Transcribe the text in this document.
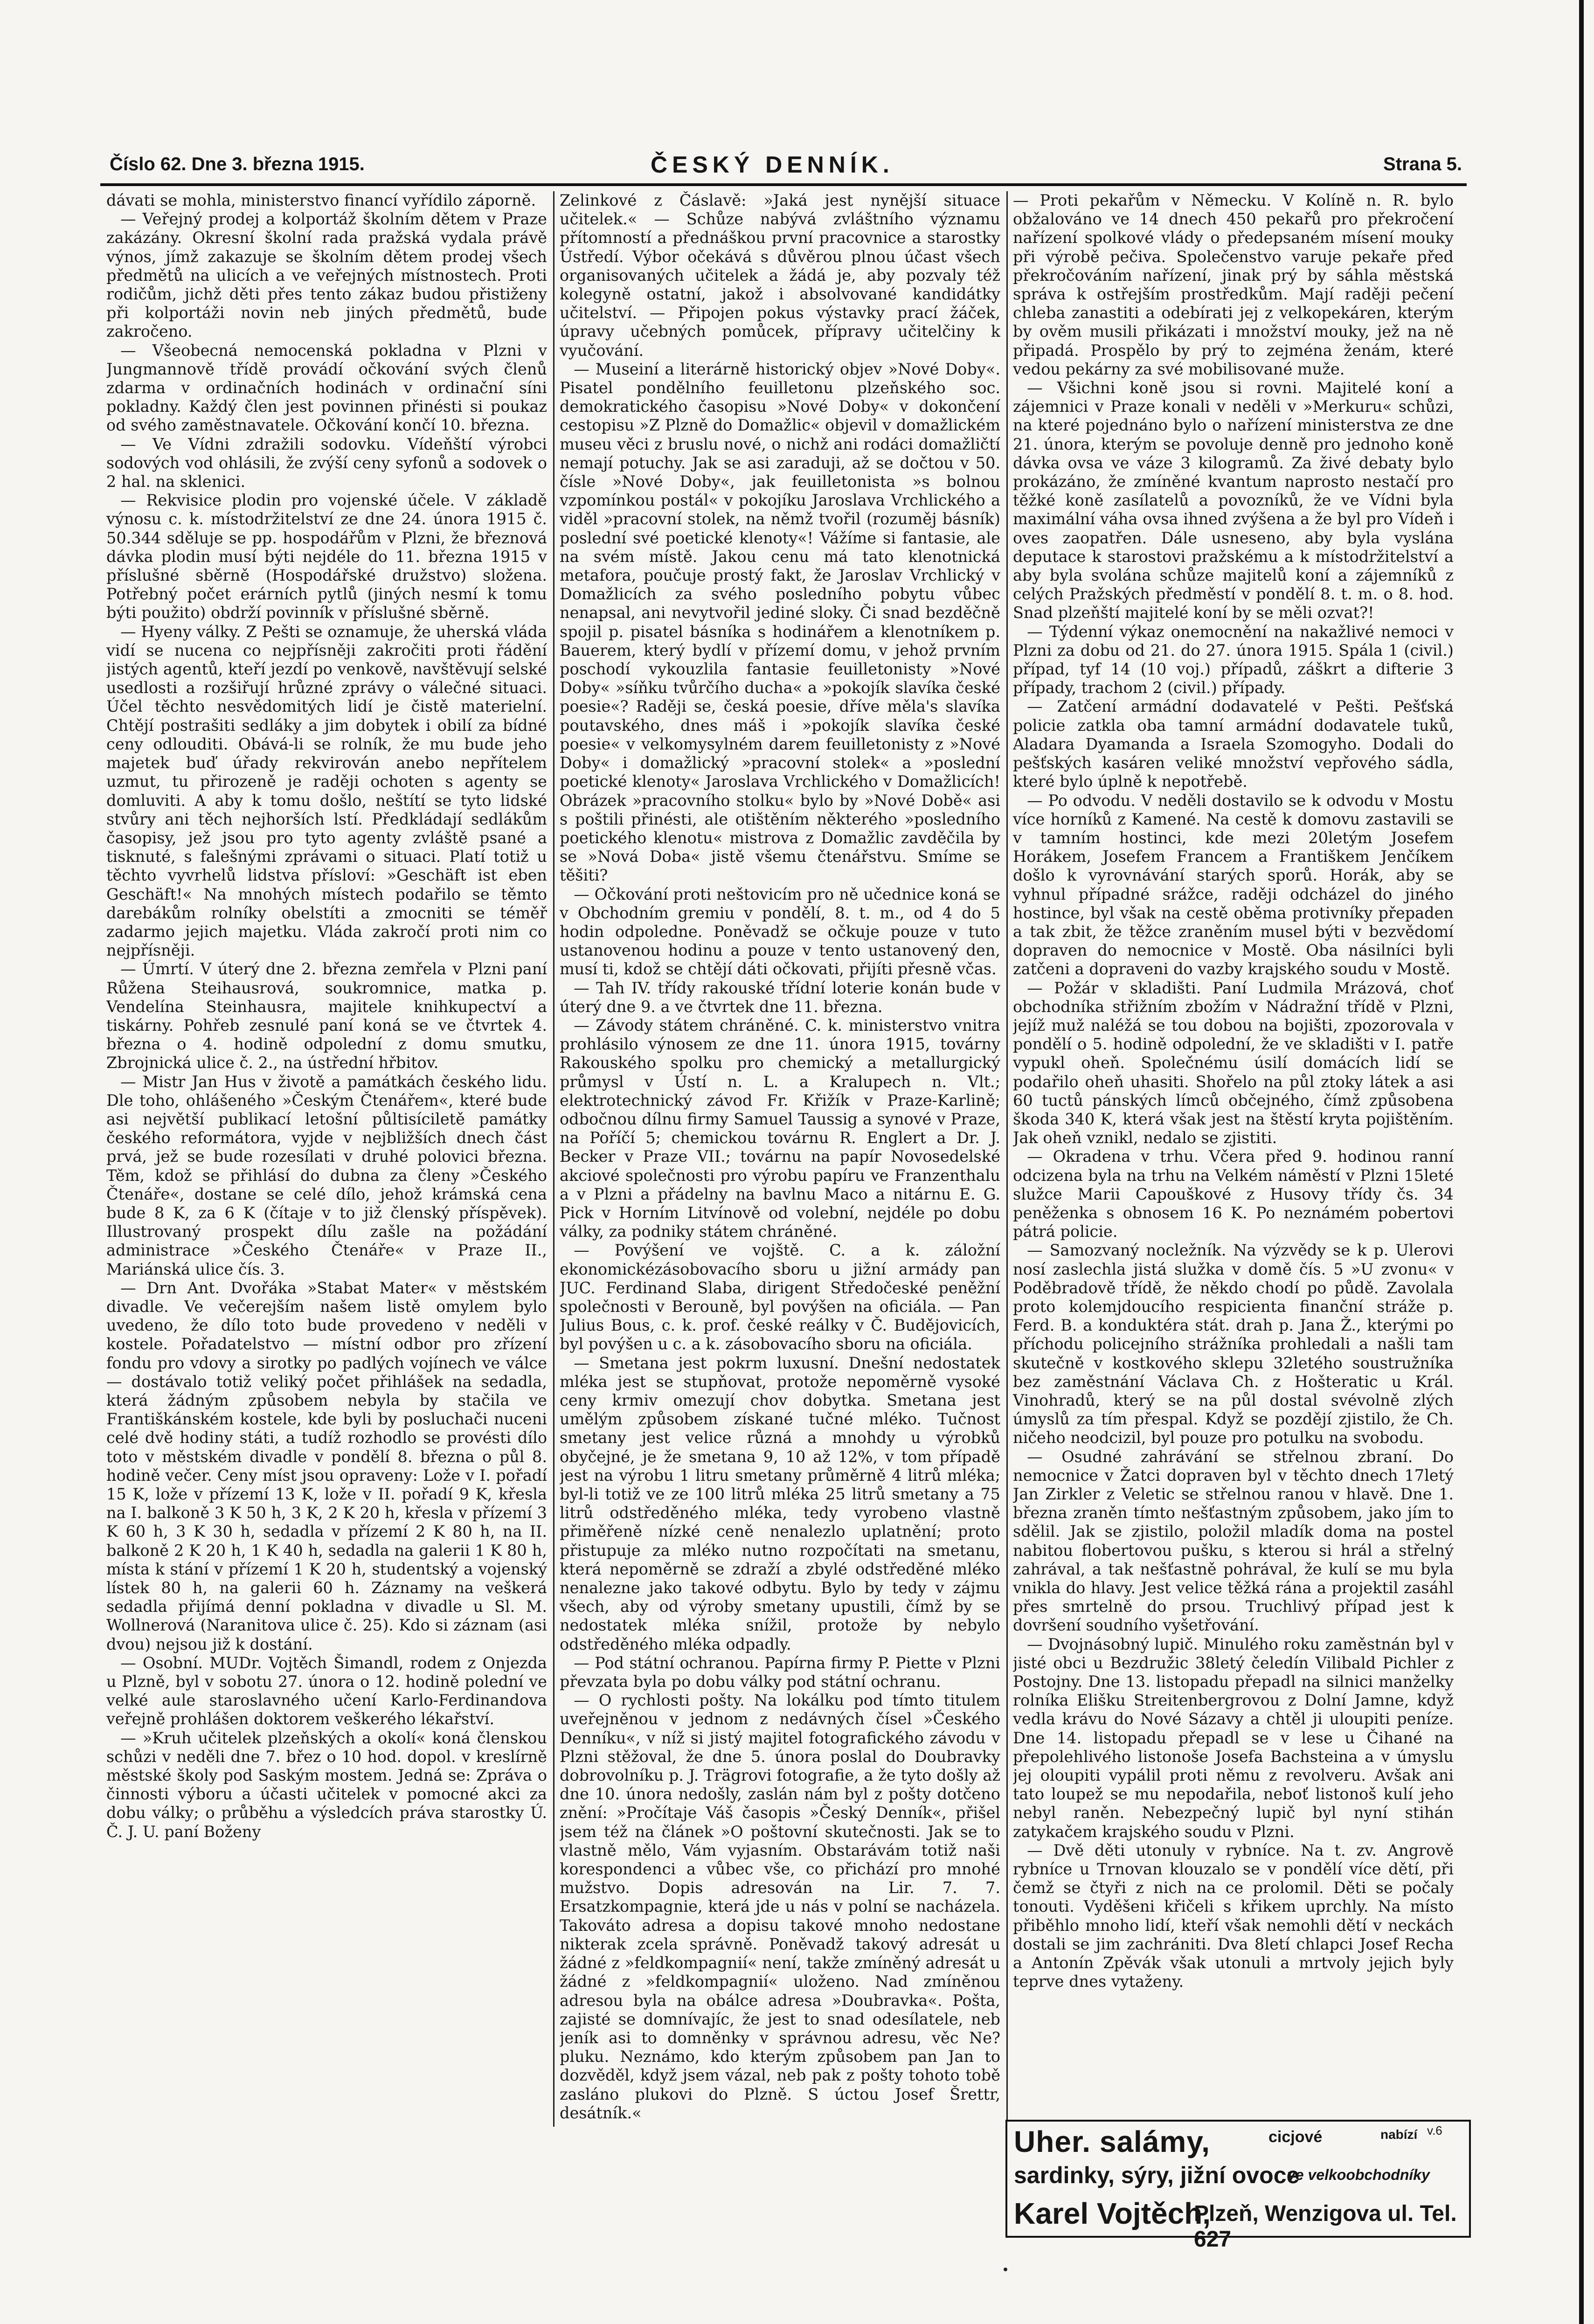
Číslo 62. Dne 3. března 1915.	ČESKÝ DENNÍK.	Strana 5.

dávati se mohla, ministerstvo financí vyřídilo záporně.

— Veřejný prodej a kolportáž školním dětem v Praze zakázány. Okresní školní rada pražská vydala právě výnos, jímž zakazuje se školním dětem prodej všech předmětů na ulicích a ve veřejných místnostech. Proti rodičům, jichž děti přes tento zákaz budou přistiženy při kolportáži novin neb jiných předmětů, bude zakročeno.

— Všeobecná nemocenská pokladna v Plzni v Jungmannově třídě provádí očkování svých členů zdarma v ordinačních hodinách v ordinační síni pokladny. Každý člen jest povinnen přinésti si poukaz od svého zaměstnavatele. Očkování končí 10. března.

— Ve Vídni zdražili sodovku. Vídeňští výrobci sodových vod ohlásili, že zvýší ceny syfonů a sodovek o 2 hal. na sklenici.

— Rekvisice plodin pro vojenské účele. V základě výnosu c. k. místodržitelství ze dne 24. února 1915 č. 50.344 sděluje se pp. hospodářům v Plzni, že březnová dávka plodin musí býti nejdéle do 11. března 1915 v příslušné sběrně (Hospodářské družstvo) složena. Potřebný počet erárních pytlů (jiných nesmí k tomu býti použito) obdrží povinník v příslušné sběrně.

— Hyeny války. Z Pešti se oznamuje, že uherská vláda vidí se nucena co nejpřísněji zakročiti proti řádění jistých agentů, kteří jezdí po venkově, navštěvují selské usedlosti a rozšiřují hrůzné zprávy o válečné situaci. Účel těchto nesvědomitých lidí je čistě materielní. Chtějí postrašiti sedláky a jim dobytek i obilí za bídné ceny odlouditi. Obává-li se rolník, že mu bude jeho majetek buď úřady rekvirován anebo nepřítelem uzmut, tu přirozeně je raději ochoten s agenty se domluviti. A aby k tomu došlo, neštítí se tyto lidské stvůry ani těch nejhorších lstí. Předkládají sedlákům časopisy, jež jsou pro tyto agenty zvláště psané a tisknuté, s falešnými zprávami o situaci. Platí totiž u těchto vyvrhelů lidstva přísloví: »Geschäft ist eben Geschäft!« Na mnohých místech podařilo se těmto darebákům rolníky obelstíti a zmocniti se téměř zadarmo jejich majetku. Vláda zakročí proti nim co nejpřísněji.

— Úmrtí. V úterý dne 2. března zemřela v Plzni paní Růžena Steihausrová, soukromnice, matka p. Vendelína Steinhausra, majitele knihkupectví a tiskárny. Pohřeb zesnulé paní koná se ve čtvrtek 4. března o 4. hodině odpolední z domu smutku, Zbrojnická ulice č. 2., na ústřední hřbitov.

— Mistr Jan Hus v životě a památkách českého lidu. Dle toho, ohlášeného »Českým Čtenářem«, které bude asi největší publikací letošní půltisíciletě památky českého reformátora, vyjde v nejbližších dnech část prvá, jež se bude rozesílati v druhé polovici března. Těm, kdož se přihlásí do dubna za členy »Českého Čtenáře«, dostane se celé dílo, jehož krámská cena bude 8 K, za 6 K (čítaje v to již členský příspěvek). Illustrovaný prospekt dílu zašle na požádání administrace »Českého Čtenáře« v Praze II., Mariánská ulice čís. 3.

— Drn Ant. Dvořáka »Stabat Mater« v městském divadle. Ve večerejším našem listě omylem bylo uvedeno, že dílo toto bude provedeno v neděli v kostele. Pořadatelstvo — místní odbor pro zřízení fondu pro vdovy a sirotky po padlých vojínech ve válce — dostávalo totiž veliký počet přihlášek na sedadla, která žádným způsobem nebyla by stačila ve Františkánském kostele, kde byli by posluchači nuceni celé dvě hodiny státi, a tudíž rozhodlo se provésti dílo toto v městském divadle v pondělí 8. března o půl 8. hodině večer. Ceny míst jsou opraveny: Lože v I. pořadí 15 K, lože v přízemí 13 K, lože v II. pořadí 9 K, křesla na I. balkoně 3 K 50 h, 3 K, 2 K 20 h, křesla v přízemí 3 K 60 h, 3 K 30 h, sedadla v přízemí 2 K 80 h, na II. balkoně 2 K 20 h, 1 K 40 h, sedadla na galerii 1 K 80 h, místa k stání v přízemí 1 K 20 h, studentský a vojenský lístek 80 h, na galerii 60 h. Záznamy na veškerá sedadla přijímá denní pokladna v divadle u Sl. M. Wollnerová (Naranitova ulice č. 25). Kdo si záznam (asi dvou) nejsou již k dostání.

— Osobní. MUDr. Vojtěch Šimandl, rodem z Onjezda u Plzně, byl v sobotu 27. února o 12. hodině polední ve velké aule staroslavného učení Karlo-Ferdinandova veřejně prohlášen doktorem veškerého lékařství.

— »Kruh učitelek plzeňských a okolí« koná členskou schůzi v neděli dne 7. břez o 10 hod. dopol. v kreslírně městské školy pod Saským mostem. Jedná se: Zpráva o činnosti výboru a účasti učitelek v pomocné akci za dobu války; o průběhu a výsledcích práva starostky Ú. Č. J. U. paní Boženy

Zelinkové z Čáslavě: »Jaká jest nynější situace učitelek.« — Schůze nabývá zvláštního významu přítomností a přednáškou první pracovnice a starostky Ústředí. Výbor očekává s důvěrou plnou účast všech organisovaných učitelek a žádá je, aby pozvaly též kolegyně ostatní, jakož i absolvované kandidátky učitelství. — Připojen pokus výstavky prací žáček, úpravy učebných pomůcek, přípravy učitelčiny k vyučování.

— Museiní a literárně historický objev »Nové Doby«. Pisatel pondělního feuilletonu plzeňského soc. demokratického časopisu »Nové Doby« v dokončení cestopisu »Z Plzně do Domažlic« objevil v domažlickém museu věci z bruslu nové, o nichž ani rodáci domažličtí nemají potuchy. Jak se asi zaraduji, až se dočtou v 50. čísle »Nové Doby«, jak feuilletonista »s bolnou vzpomínkou postál« v pokojíku Jaroslava Vrchlického a viděl »pracovní stolek, na němž tvořil (rozuměj básník) poslední své poetické klenoty«! Vážíme si fantasie, ale na svém místě. Jakou cenu má tato klenotnická metafora, poučuje prostý fakt, že Jaroslav Vrchlický v Domažlicích za svého posledního pobytu vůbec nenapsal, ani nevytvořil jediné sloky. Či snad bezděčně spojil p. pisatel básníka s hodinářem a klenotníkem p. Bauerem, který bydlí v přízemí domu, v jehož prvním poschodí vykouzlila fantasie feuilletonisty »Nové Doby« »síňku tvůrčího ducha« a »pokojík slavíka české poesie«? Raději se, česká poesie, dříve měla's slavíka poutavského, dnes máš i »pokojík slavíka české poesie« v velkomysylném darem feuilletonisty z »Nové Doby« i domažlický »pracovní stolek« a »poslední poetické klenoty« Jaroslava Vrchlického v Domažlicích! Obrázek »pracovního stolku« bylo by »Nové Době« asi s poštili přinésti, ale otištěním některého »posledního poetického klenotu« mistrova z Domažlic zavděčila by se »Nová Doba« jistě všemu čtenářstvu. Smíme se těšiti?

— Očkování proti neštovicím pro ně učednice koná se v Obchodním gremiu v pondělí, 8. t. m., od 4 do 5 hodin odpoledne. Poněvadž se očkuje pouze v tuto ustanovenou hodinu a pouze v tento ustanovený den, musí ti, kdož se chtějí dáti očkovati, přijíti přesně včas.

— Tah IV. třídy rakouské třídní loterie konán bude v úterý dne 9. a ve čtvrtek dne 11. března.

— Závody státem chráněné. C. k. ministerstvo vnitra prohlásilo výnosem ze dne 11. února 1915, továrny Rakouského spolku pro chemický a metallurgický průmysl v Ústí n. L. a Kralupech n. Vlt.; elektrotechnický závod Fr. Křižík v Praze-Karlině; odbočnou dílnu firmy Samuel Taussig a synové v Praze, na Poříčí 5; chemickou továrnu R. Englert a Dr. J. Becker v Praze VII.; továrnu na papír Novosedelské akciové společnosti pro výrobu papíru ve Franzenthalu a v Plzni a přádelny na bavlnu Maco a nitárnu E. G. Pick v Horním Litvínově od volební, nejdéle po dobu války, za podniky státem chráněné.

— Povýšení ve vojště. C. a k. záložní ekonomickézásobovacího sboru u jižní armády pan JUC. Ferdinand Slaba, dirigent Středočeské peněžní společnosti v Berouně, byl povýšen na oficiála. — Pan Julius Bous, c. k. prof. české reálky v Č. Budějovicích, byl povýšen u c. a k. zásobovacího sboru na oficiála.

— Smetana jest pokrm luxusní. Dnešní nedostatek mléka jest se stupňovat, protože nepoměrně vysoké ceny krmiv omezují chov dobytka. Smetana jest umělým způsobem získané tučné mléko. Tučnost smetany jest velice různá a mnohdy u výrobků obyčejné, je že smetana 9, 10 až 12%, v tom případě jest na výrobu 1 litru smetany průměrně 4 litrů mléka; byl-li totiž ve ze 100 litrů mléka 25 litrů smetany a 75 litrů odstředěného mléka, tedy vyrobeno vlastně přiměřeně nízké ceně nenalezlo uplatnění; proto přistupuje za mléko nutno rozpočítati na smetanu, která nepoměrně se zdraží a zbylé odstředěné mléko nenalezne jako takové odbytu. Bylo by tedy v zájmu všech, aby od výroby smetany upustili, čímž by se nedostatek mléka snížil, protože by nebylo odstředěného mléka odpadly.

— Pod státní ochranou. Papírna firmy P. Piette v Plzni převzata byla po dobu války pod státní ochranu.

— O rychlosti pošty. Na lokálku pod tímto titulem uveřejněnou v jednom z nedávných čísel »Českého Denníku«, v níž si jistý majitel fotografického závodu v Plzni stěžoval, že dne 5. února poslal do Doubravky dobrovolníku p. J. Trägrovi fotografie, a že tyto došly až dne 10. února nedošly, zaslán nám byl z pošty dotčeno znění: »Pročítaje Váš časopis »Český Denník«, přišel jsem též na článek »O poštovní skutečnosti. Jak se to vlastně mělo, Vám vyjasním. Obstarávám totiž naši korespondenci a vůbec vše, co přichází pro mnohé mužstvo. Dopis adresován na Lir. 7. 7. Ersatzkompagnie, která jde u nás v polní se nacházela. Takováto adresa a dopisu takové mnoho nedostane nikterak zcela správně. Poněvadž takový adresát u žádné z »feldkompagnií« není, takže zmíněný adresát u žádné z »feldkompagnií« uloženo. Nad zmíněnou adresou byla na obálce adresa »Doubravka«. Pošta, zajisté se domnívajíc, že jest to snad odesílatele, neb jeník asi to domněnky v správnou adresu, věc Ne? pluku. Neznámo, kdo kterým způsobem pan Jan to dozvěděl, když jsem vázal, neb pak z pošty tohoto tobě zasláno plukovi do Plzně. S úctou Josef Šrettr, desátník.«

— Proti pekařům v Německu. V Kolíně n. R. bylo obžalováno ve 14 dnech 450 pekařů pro překročení nařízení spolkové vlády o předepsaném mísení mouky při výrobě pečiva. Společenstvo varuje pekaře před překročováním nařízení, jinak prý by sáhla městská správa k ostřejším prostředkům. Mají raději pečení chleba zanastiti a odebírati jej z velkopekáren, kterým by ověm musili přikázati i množství mouky, jež na ně připadá. Prospělo by prý to zejména ženám, které vedou pekárny za své mobilisované muže.

— Všichni koně jsou si rovni. Majitelé koní a zájemnici v Praze konali v neděli v »Merkuru« schůzi, na které pojednáno bylo o nařízení ministerstva ze dne 21. února, kterým se povoluje denně pro jednoho koně dávka ovsa ve váze 3 kilogramů. Za živé debaty bylo prokázáno, že zmíněné kvantum naprosto nestačí pro těžké koně zasílatelů a povozníků, že ve Vídni byla maximální váha ovsa ihned zvýšena a že byl pro Vídeň i oves zaopatřen. Dále usneseno, aby byla vyslána deputace k starostovi pražskému a k místodržitelství a aby byla svolána schůze majitelů koní a zájemníků z celých Pražských předměstí v pondělí 8. t. m. o 8. hod. Snad plzeňští majitelé koní by se měli ozvat?!

— Týdenní výkaz onemocnění na nakažlivé nemoci v Plzni za dobu od 21. do 27. února 1915. Spála 1 (civil.) případ, tyf 14 (10 voj.) případů, záškrt a difterie 3 případy, trachom 2 (civil.) případy.

— Zatčení armádní dodavatelé v Pešti. Pešťská policie zatkla oba tamní armádní dodavatele tuků, Aladara Dyamanda a Israela Szomogyho. Dodali do pešťských kasáren veliké množství vepřového sádla, které bylo úplně k nepotřebě.

— Po odvodu. V neděli dostavilo se k odvodu v Mostu více horníků z Kamené. Na cestě k domovu zastavili se v tamním hostinci, kde mezi 20letým Josefem Horákem, Josefem Francem a Františkem Jenčíkem došlo k vyrovnávání starých sporů. Horák, aby se vyhnul případné srážce, raději odcházel do jiného hostince, byl však na cestě oběma protivníky přepaden a tak zbit, že těžce zraněním musel býti v bezvědomí dopraven do nemocnice v Mostě. Oba násilníci byli zatčeni a dopraveni do vazby krajského soudu v Mostě.

— Požár v skladišti. Paní Ludmila Mrázová, choť obchodníka střižním zbožím v Nádražní třídě v Plzni, jejíž muž naléžá se tou dobou na bojišti, zpozorovala v pondělí o 5. hodině odpolední, že ve skladišti v I. patře vypukl oheň. Společnému úsilí domácích lidí se podařilo oheň uhasiti. Shořelo na půl ztoky látek a asi 60 tuctů pánských límců občejného, čímž způsobena škoda 340 K, která však jest na štěstí kryta pojištěním. Jak oheň vznikl, nedalo se zjistiti.

— Okradena v trhu. Včera před 9. hodinou ranní odcizena byla na trhu na Velkém náměstí v Plzni 15leté služce Marii Capouškové z Husovy třídy čs. 34 peněženka s obnosem 16 K. Po neznámém pobertovi pátrá policie.

— Samozvaný nocležník. Na výzvědy se k p. Ulerovi nosí zaslechla jistá služka v domě čís. 5 »U zvonu« v Poděbradově třídě, že někdo chodí po půdě. Zavolala proto kolemjdoucího respicienta finanční stráže p. Ferd. B. a konduktéra stát. drah p. Jana Ž., kterými po příchodu policejního strážníka prohledali a našli tam skutečně v kostkového sklepu 32letého soustružníka bez zaměstnání Václava Ch. z Hošteratic u Král. Vinohradů, který se na půl dostal svévolně zlých úmyslů za tím přespal. Když se pozdějí zjistilo, že Ch. ničeho neodcizil, byl pouze pro potulku na svobodu.

— Osudné zahrávání se střelnou zbraní. Do nemocnice v Žatci dopraven byl v těchto dnech 17letý Jan Zirkler z Veletic se střelnou ranou v hlavě. Dne 1. března zraněn tímto nešťastným způsobem, jako jím to sdělil. Jak se zjistilo, položil mladík doma na postel nabitou flobertovou pušku, s kterou si hrál a střelný zahrával, a tak nešťastně pohrával, že kulí se mu byla vnikla do hlavy. Jest velice těžká rána a projektil zasáhl přes smrtelně do prsou. Truchlivý případ jest k dovršení soudního vyšetřování.

— Dvojnásobný lupič. Minulého roku zaměstnán byl v jisté obci u Bezdružic 38letý čeledín Vilibald Pichler z Postojny. Dne 13. listopadu přepadl na silnici manželky rolníka Elišku Streitenbergrovou z Dolní Jamne, když vedla krávu do Nové Sázavy a chtěl ji uloupiti peníze. Dne 14. listopadu přepadl se v lese u Čihané na přepolehlivého listonoše Josefa Bachsteina a v úmyslu jej oloupiti vypálil proti němu z revolveru. Avšak ani tato loupež se mu nepodařila, neboť listonoš kulí jeho nebyl raněn. Nebezpečný lupič byl nyní stihán zatykačem krajského soudu v Plzni.

— Dvě děti utonuly v rybníce. Na t. zv. Angrově rybníce u Trnovan klouzalo se v pondělí více dětí, při čemž se čtyři z nich na ce prolomil. Děti se počaly tonouti. Vyděšeni křičeli s křikem uprchly. Na místo přiběhlo mnoho lidí, kteří však nemohli dětí v neckách dostali se jim zachrániti. Dva 8letí chlapci Josef Recha a Antonín Zpěvák však utonuli a mrtvoly jejich byly teprve dnes vytaženy.

Uher. salámy,	cicjové	nabízí v.6
sardinky, sýry, jižní ovoce
ve velkoobchodníky
Karel Vojtěch,
Plzeň, Wenzigova ul. Tel. 627
